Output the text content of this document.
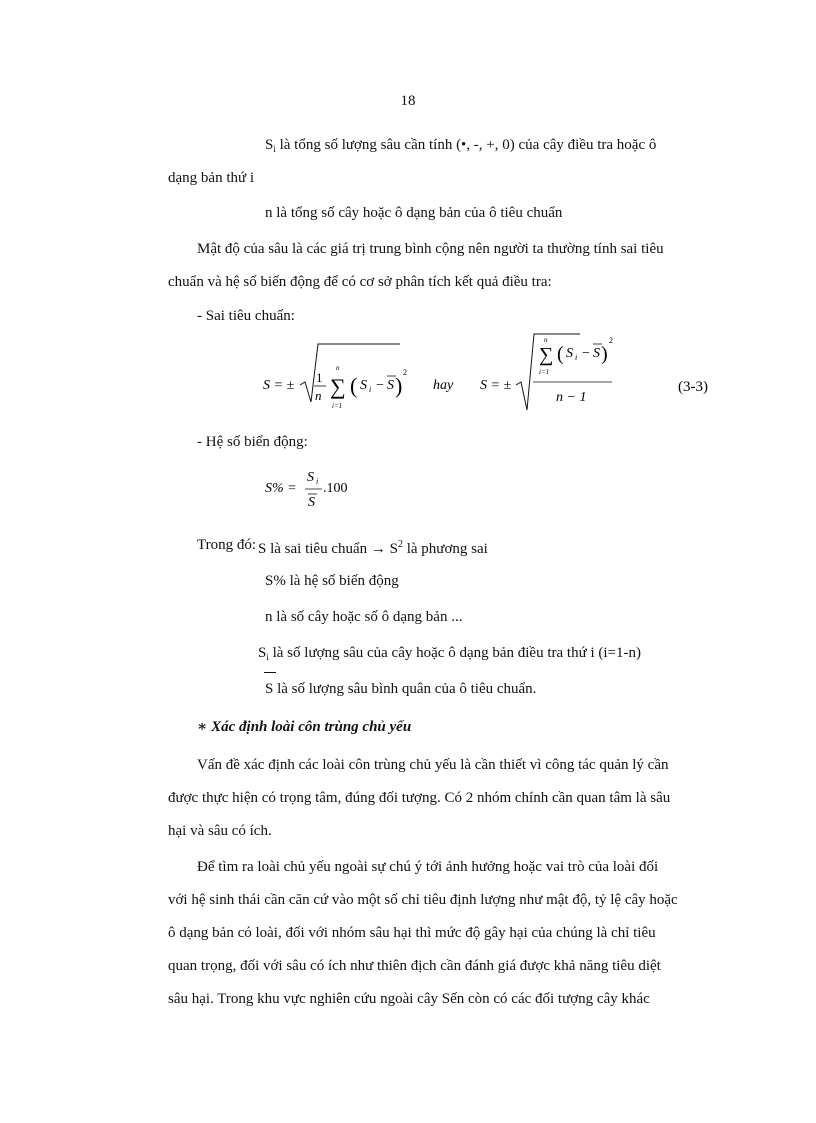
18
$S_i$ là tổng số lượng sâu cần tính (•, -, +, 0) của cây điều tra hoặc ô
dạng bản thứ i
n là tổng số cây hoặc ô dạng bản của ô tiêu chuẩn
Mật độ của sâu là các giá trị trung bình cộng nên người ta thường tính sai tiêu
chuẩn và hệ số biến động để có cơ sở phân tích kết quả điều tra:
- Sai tiêu chuẩn:
S = ±
1
n ∑
n
i=1
( S i − S )
2
hay S = ±
∑
n
i=1
( S i − S )
2
n − 1
(3-3)
- Hệ số biến động:
S% =
S i
S
.100
Trong đó: S là sai tiêu chuẩn → $S^2$ là phương sai
S% là hệ số biến động
n là số cây hoặc số ô dạng bản ...
$S_i$ là số lượng sâu của cây hoặc ô dạng bản điều tra thứ i (i=1-n)
S là số lượng sâu bình quân của ô tiêu chuẩn.
∗ Xác định loài côn trùng chủ yếu
Vấn đề xác định các loài côn trùng chủ yếu là cần thiết vì công tác quản lý cần
được thực hiện có trọng tâm, đúng đối tượng. Có 2 nhóm chính cần quan tâm là sâu
hại và sâu có ích.
Để tìm ra loài chủ yếu ngoài sự chú ý tới ảnh hưởng hoặc vai trò của loài đối
với hệ sinh thái cần căn cứ vào một số chỉ tiêu định lượng như mật độ, tỷ lệ cây hoặc
ô dạng bản có loài, đối với nhóm sâu hại thì mức độ gây hại của chúng là chỉ tiêu
quan trọng, đối với sâu có ích như thiên địch cần đánh giá được khả năng tiêu diệt
sâu hại. Trong khu vực nghiên cứu ngoài cây Sến còn có các đối tượng cây khác
